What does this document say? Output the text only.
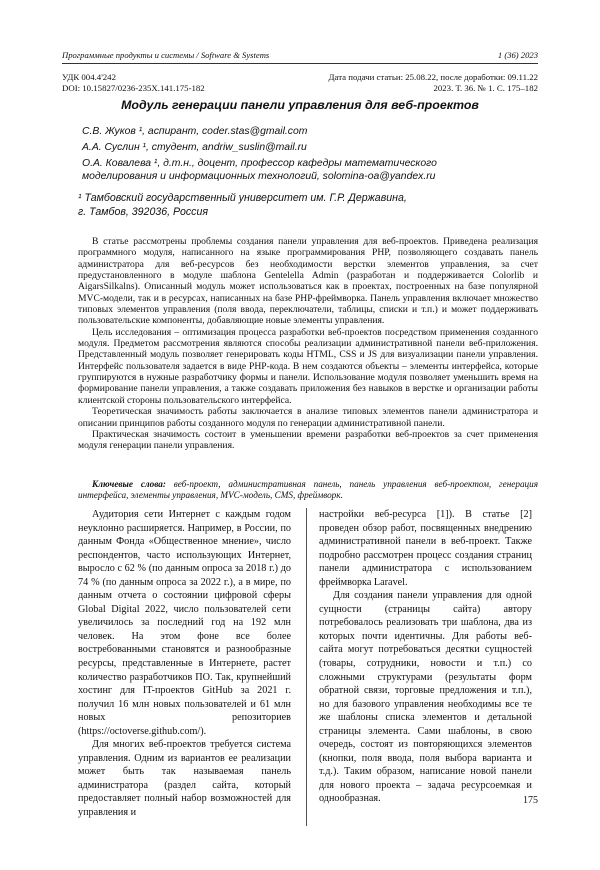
Программные продукты и системы / Software & Systems	1 (36) 2023
УДК 004.4'242
DOI: 10.15827/0236-235X.141.175-182
Дата подачи статьи: 25.08.22, после доработки: 09.11.22
2023. Т. 36. № 1. С. 175–182
Модуль генерации панели управления для веб-проектов
С.В. Жуков ¹, аспирант, coder.stas@gmail.com
А.А. Суслин ¹, студент, andriw_suslin@mail.ru
О.А. Ковалева ¹, д.т.н., доцент, профессор кафедры математического
моделирования и информационных технологий, solomina-oa@yandex.ru
¹ Тамбовский государственный университет им. Г.Р. Державина,
г. Тамбов, 392036, Россия

В статье рассмотрены проблемы создания панели управления для веб-проектов. Приведена реализация программного модуля, написанного на языке программирования PHP, позволяющего создавать панель администратора для веб-ресурсов без необходимости верстки элементов управления, за счет предустановленного в модуле шаблона Gentelella Admin (разработан и поддерживается Colorlib и AigarsSilkalns). Описанный модуль может использоваться как в проектах, построенных на базе популярной MVC-модели, так и в ресурсах, написанных на базе PHP-фреймворка. Панель управления включает множество типовых элементов управления (поля ввода, переключатели, таблицы, списки и т.п.) и может поддерживать пользовательские компоненты, добавляющие новые элементы управления.

Цель исследования – оптимизация процесса разработки веб-проектов посредством применения созданного модуля. Предметом рассмотрения являются способы реализации административной панели веб-приложения. Представленный модуль позволяет генерировать коды HTML, CSS и JS для визуализации панели управления. Интерфейс пользователя задается в виде PHP-кода. В нем создаются объекты – элементы интерфейса, которые группируются в нужные разработчику формы и панели. Использование модуля позволяет уменьшить время на формирование панели управления, а также создавать приложения без навыков в верстке и организации работы клиентской стороны пользовательского интерфейса.

Теоретическая значимость работы заключается в анализе типовых элементов панели администратора и описании принципов работы созданного модуля по генерации административной панели.

Практическая значимость состоит в уменьшении времени разработки веб-проектов за счет применения модуля генерации панели управления.

Ключевые слова: веб-проект, административная панель, панель управления веб-проектом, генерация интерфейса, элементы управления, MVC-модель, CMS, фреймворк.

Аудитория сети Интернет с каждым годом неуклонно расширяется. Например, в России, по данным Фонда «Общественное мнение», число респондентов, часто использующих Интернет, выросло с 62 % (по данным опроса за 2018 г.) до 74 % (по данным опроса за 2022 г.), а в мире, по данным отчета о состоянии цифровой сферы Global Digital 2022, число пользователей сети увеличилось за последний год на 192 млн человек. На этом фоне все более востребованными становятся и разнообразные ресурсы, представленные в Интернете, растет количество разработчиков ПО. Так, крупнейший хостинг для IT-проектов GitHub за 2021 г. получил 16 млн новых пользователей и 61 млн новых репозиториев (https://octoverse.github.com/).

Для многих веб-проектов требуется система управления. Одним из вариантов ее реализации может быть так называемая панель администратора (раздел сайта, который предоставляет полный набор возможностей для управления и

настройки веб-ресурса [1]). В статье [2] проведен обзор работ, посвященных внедрению административной панели в веб-проект. Также подробно рассмотрен процесс создания страниц панели администратора с использованием фреймворка Laravel.

Для создания панели управления для одной сущности (страницы сайта) автору потребовалось реализовать три шаблона, два из которых почти идентичны. Для работы веб-сайта могут потребоваться десятки сущностей (товары, сотрудники, новости и т.п.) со сложными структурами (результаты форм обратной связи, торговые предложения и т.п.), но для базового управления необходимы все те же шаблоны списка элементов и детальной страницы элемента. Сами шаблоны, в свою очередь, состоят из повторяющихся элементов (кнопки, поля ввода, поля выбора варианта и т.д.). Таким образом, написание новой панели для нового проекта – задача ресурсоемкая и однообразная.	175
